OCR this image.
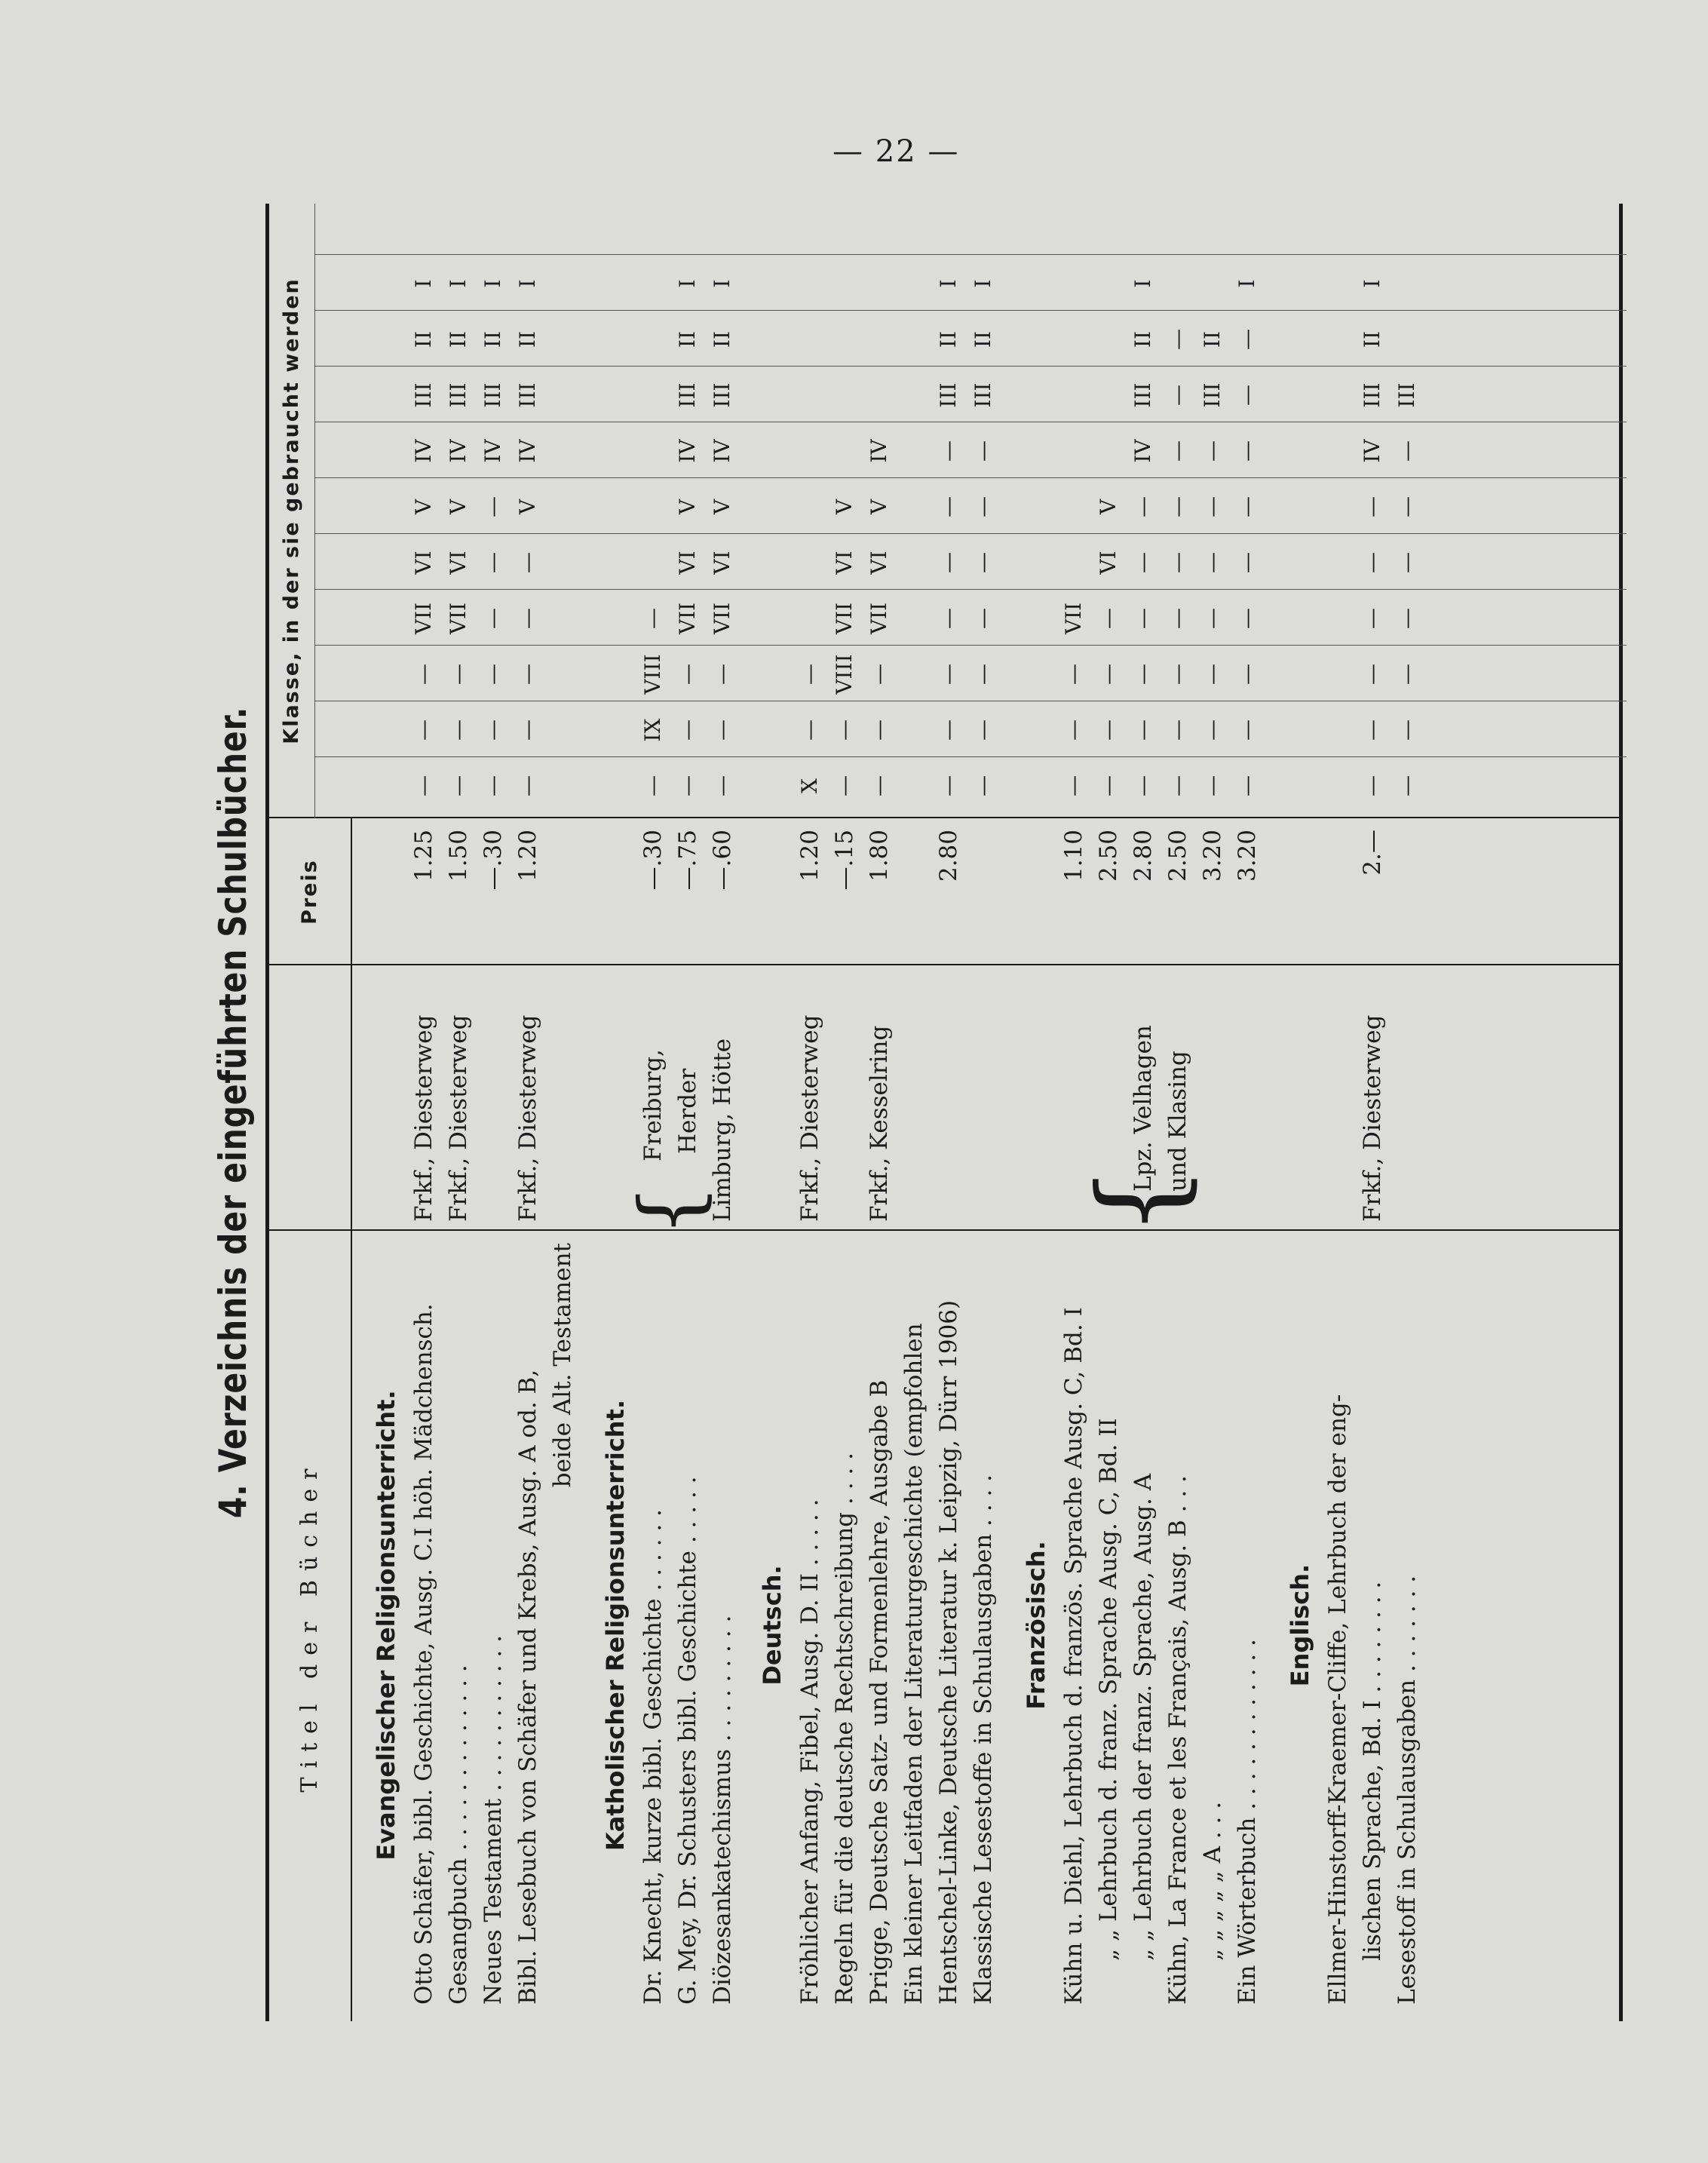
— 22 —
4. Verzeichnis der eingeführten Schulbücher.
Titel der Bücher
Preis
Klasse, in der sie gebraucht werden
Evangelischer Religionsunterricht. Otto Schäfer, bibl. Geschichte, Ausg. C.I höh. Mädchensch.
Frkf., Diesterweg
1.25
—
—
—
VII
VI
V
IV
III
II
I
Gesangbuch . . . . . . . . . . . . .
Frkf., Diesterweg
1.50
—
—
—
VII
VI
V
IV
III
II
I
Neues Testament . . . . . . . . . . .
—.30
—
—
—
—
—
—
IV
III
II
I
Bibl. Lesebuch von Schäfer und Krebs, Ausg. A od. B,
Frkf., Diesterweg
1.20
—
—
—
—
—
V
IV
III
II
I
beide Alt. Testament
Katholischer Religionsunterricht. Dr. Knecht, kurze bibl. Geschichte . . . . . .
Freiburg,
—.30
—
IX
VIII
—
G. Mey, Dr. Schusters bibl. Geschichte . . . . .
Herder
—.75
—
—
—
VII
VI
V
IV
III
II
I
Diözesankatechismus . . . . . . . . .
Limburg, Hötte
—.60
—
—
—
VII
VI
V
IV
III
II
I
{
Deutsch. Fröhlicher Anfang, Fibel, Ausg. D. II . . . . .
Frkf., Diesterweg
1.20
X
—
—
Regeln für die deutsche Rechtschreibung . . . .
—.15
—
—
VIII
VII
VI
V
Prigge, Deutsche Satz- und Formenlehre, Ausgabe B
Frkf., Kesselring
1.80
—
—
—
VII
VI
V
IV
Ein kleiner Leitfaden der Literaturgeschichte (empfohlen Hentschel-Linke, Deutsche Literatur k. Leipzig, Dürr 1906)
2.80
—
—
—
—
—
—
—
III
II
I
Klassische Lesestoffe in Schulausgaben . . . .
—
—
—
—
—
—
—
III
II
I
Französisch. Kühn u. Diehl, Lehrbuch d. französ. Sprache Ausg. C, Bd. I
1.10
—
—
—
VII
„ „ Lehrbuch d. franz. Sprache Ausg. C, Bd. II
2.50
—
—
—
—
VI
V
„ „ Lehrbuch der franz. Sprache, Ausg. A
Lpz. Velhagen
2.80
—
—
—
—
—
—
IV
III
II
I
Kühn, La France et les Français, Ausg. B . . .
und Klasing
2.50
—
—
—
—
—
—
—
—
—
„ „ „ „ „ A . . .
3.20
—
—
—
—
—
—
—
III
II
Ein Wörterbuch . . . . . . . . . . . .
3.20
—
—
—
—
—
—
—
—
—
I
{
Englisch. Ellmer-Hinstorff-Kraemer-Cliffe, Lehrbuch der eng- lischen Sprache, Bd. I . . . . . . . .
Frkf., Diesterweg
2.—
—
—
—
—
—
—
IV
III
II
I
Lesestoff in Schulausgaben . . . . . . .
—
—
—
—
—
—
—
III
